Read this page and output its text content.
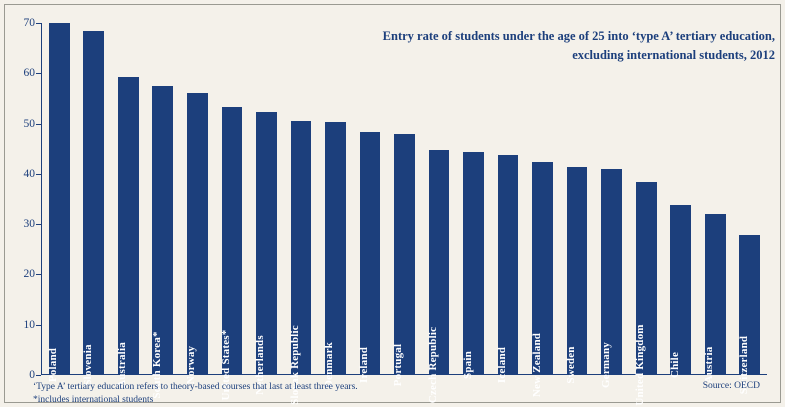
Entry rate of students under the age of 25 into ‘type A’ tertiary education,
excluding international students, 2012
0
10
20
30
40
50
60
70
Poland Slovenia Australia South Korea* Norway United States* Netherlands Slovak Republic Denmark Ireland Portugal Czech Republic Spain Iceland New Zealand Sweden Germany United Kingdom Chile Austria Switzerland
‘Type A’ tertiary education refers to theory-based courses that last at least three years.
*includes international students
Source: OECD
